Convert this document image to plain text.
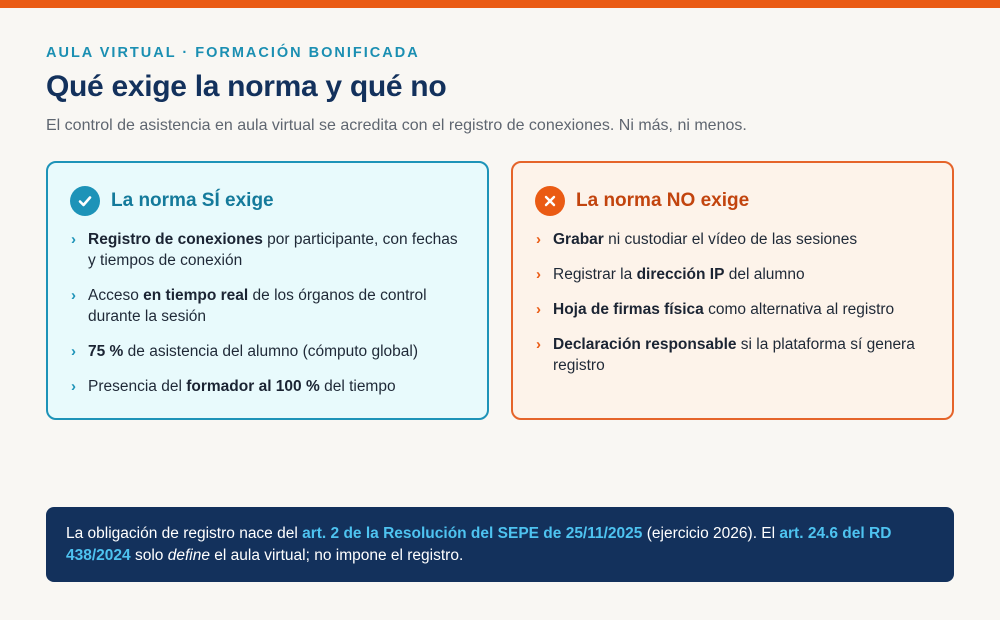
AULA VIRTUAL · FORMACIÓN BONIFICADA
Qué exige la norma y qué no

El control de asistencia en aula virtual se acredita con el registro de conexiones. Ni más, ni menos.

La norma SÍ exige
› Registro de conexiones por participante, con fechas y tiempos de conexión
› Acceso en tiempo real de los órganos de control durante la sesión
› 75 % de asistencia del alumno (cómputo global)
› Presencia del formador al 100 % del tiempo
La norma NO exige
› Grabar ni custodiar el vídeo de las sesiones
› Registrar la dirección IP del alumno
› Hoja de firmas física como alternativa al registro
› Declaración responsable si la plataforma sí genera registro
La obligación de registro nace del art. 2 de la Resolución del SEPE de 25/11/2025 (ejercicio 2026). El art. 24.6 del RD 438/2024 solo define el aula virtual; no impone el registro.
